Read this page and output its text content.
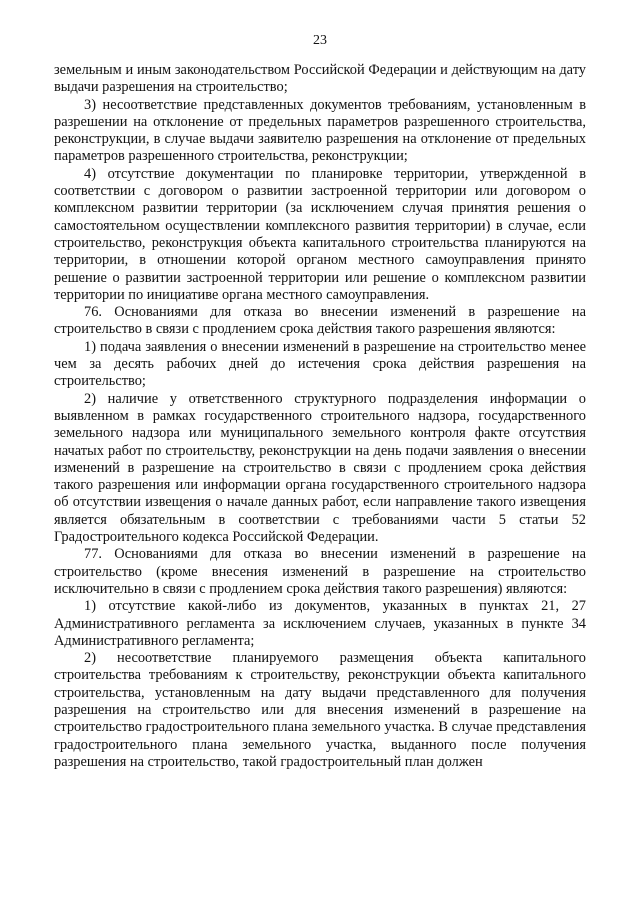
23

земельным и иным законодательством Российской Федерации и действующим на дату выдачи разрешения на строительство;

3) несоответствие представленных документов требованиям, установленным в разрешении на отклонение от предельных параметров разрешенного строительства, реконструкции, в случае выдачи заявителю разрешения на отклонение от предельных параметров разрешенного строительства, реконструкции;

4) отсутствие документации по планировке территории, утвержденной в соответствии с договором о развитии застроенной территории или договором о комплексном развитии территории (за исключением случая принятия решения о самостоятельном осуществлении комплексного развития территории) в случае, если строительство, реконструкция объекта капитального строительства планируются на территории, в отношении которой органом местного самоуправления принято решение о развитии застроенной территории или решение о комплексном развитии территории по инициативе органа местного самоуправления.

76. Основаниями для отказа во внесении изменений в разрешение на строительство в связи с продлением срока действия такого разрешения являются:

1) подача заявления о внесении изменений в разрешение на строительство менее чем за десять рабочих дней до истечения срока действия разрешения на строительство;

2) наличие у ответственного структурного подразделения информации о выявленном в рамках государственного строительного надзора, государственного земельного надзора или муниципального земельного контроля факте отсутствия начатых работ по строительству, реконструкции на день подачи заявления о внесении изменений в разрешение на строительство в связи с продлением срока действия такого разрешения или информации органа государственного строительного надзора об отсутствии извещения о начале данных работ, если направление такого извещения является обязательным в соответствии с требованиями части 5 статьи 52 Градостроительного кодекса Российской Федерации.

77. Основаниями для отказа во внесении изменений в разрешение на строительство (кроме внесения изменений в разрешение на строительство исключительно в связи с продлением срока действия такого разрешения) являются:

1) отсутствие какой-либо из документов, указанных в пунктах 21, 27 Административного регламента за исключением случаев, указанных в пункте 34 Административного регламента;

2) несоответствие планируемого размещения объекта капитального строительства требованиям к строительству, реконструкции объекта капитального строительства, установленным на дату выдачи представленного для получения разрешения на строительство или для внесения изменений в разрешение на строительство градостроительного плана земельного участка. В случае представления градостроительного плана земельного участка, выданного после получения разрешения на строительство, такой градостроительный план должен
